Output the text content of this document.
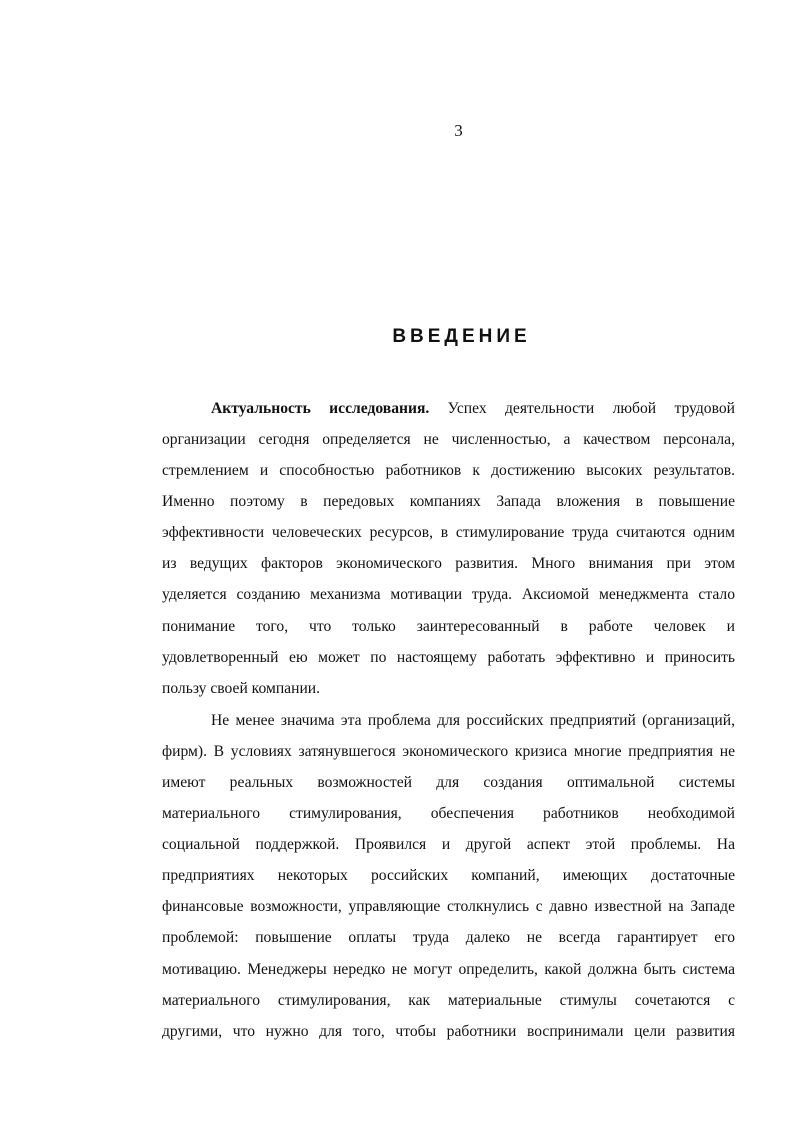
3
ВВЕДЕНИЕ
Актуальность исследования. Успех деятельности любой трудовой
организации сегодня определяется не численностью, а качеством персонала,
стремлением и способностью работников к достижению высоких результатов.
Именно поэтому в передовых компаниях Запада вложения в повышение
эффективности человеческих ресурсов, в стимулирование труда считаются одним
из ведущих факторов экономического развития. Много внимания при этом
уделяется созданию механизма мотивации труда. Аксиомой менеджмента стало
понимание того, что только заинтересованный в работе человек и
удовлетворенный ею может по настоящему работать эффективно и приносить
пользу своей компании.
Не менее значима эта проблема для российских предприятий (организаций,
фирм). В условиях затянувшегося экономического кризиса многие предприятия не
имеют реальных возможностей для создания оптимальной системы
материального стимулирования, обеспечения работников необходимой
социальной поддержкой. Проявился и другой аспект этой проблемы. На
предприятиях некоторых российских компаний, имеющих достаточные
финансовые возможности, управляющие столкнулись с давно известной на Западе
проблемой: повышение оплаты труда далеко не всегда гарантирует его
мотивацию. Менеджеры нередко не могут определить, какой должна быть система
материального стимулирования, как материальные стимулы сочетаются с
другими, что нужно для того, чтобы работники воспринимали цели развития
